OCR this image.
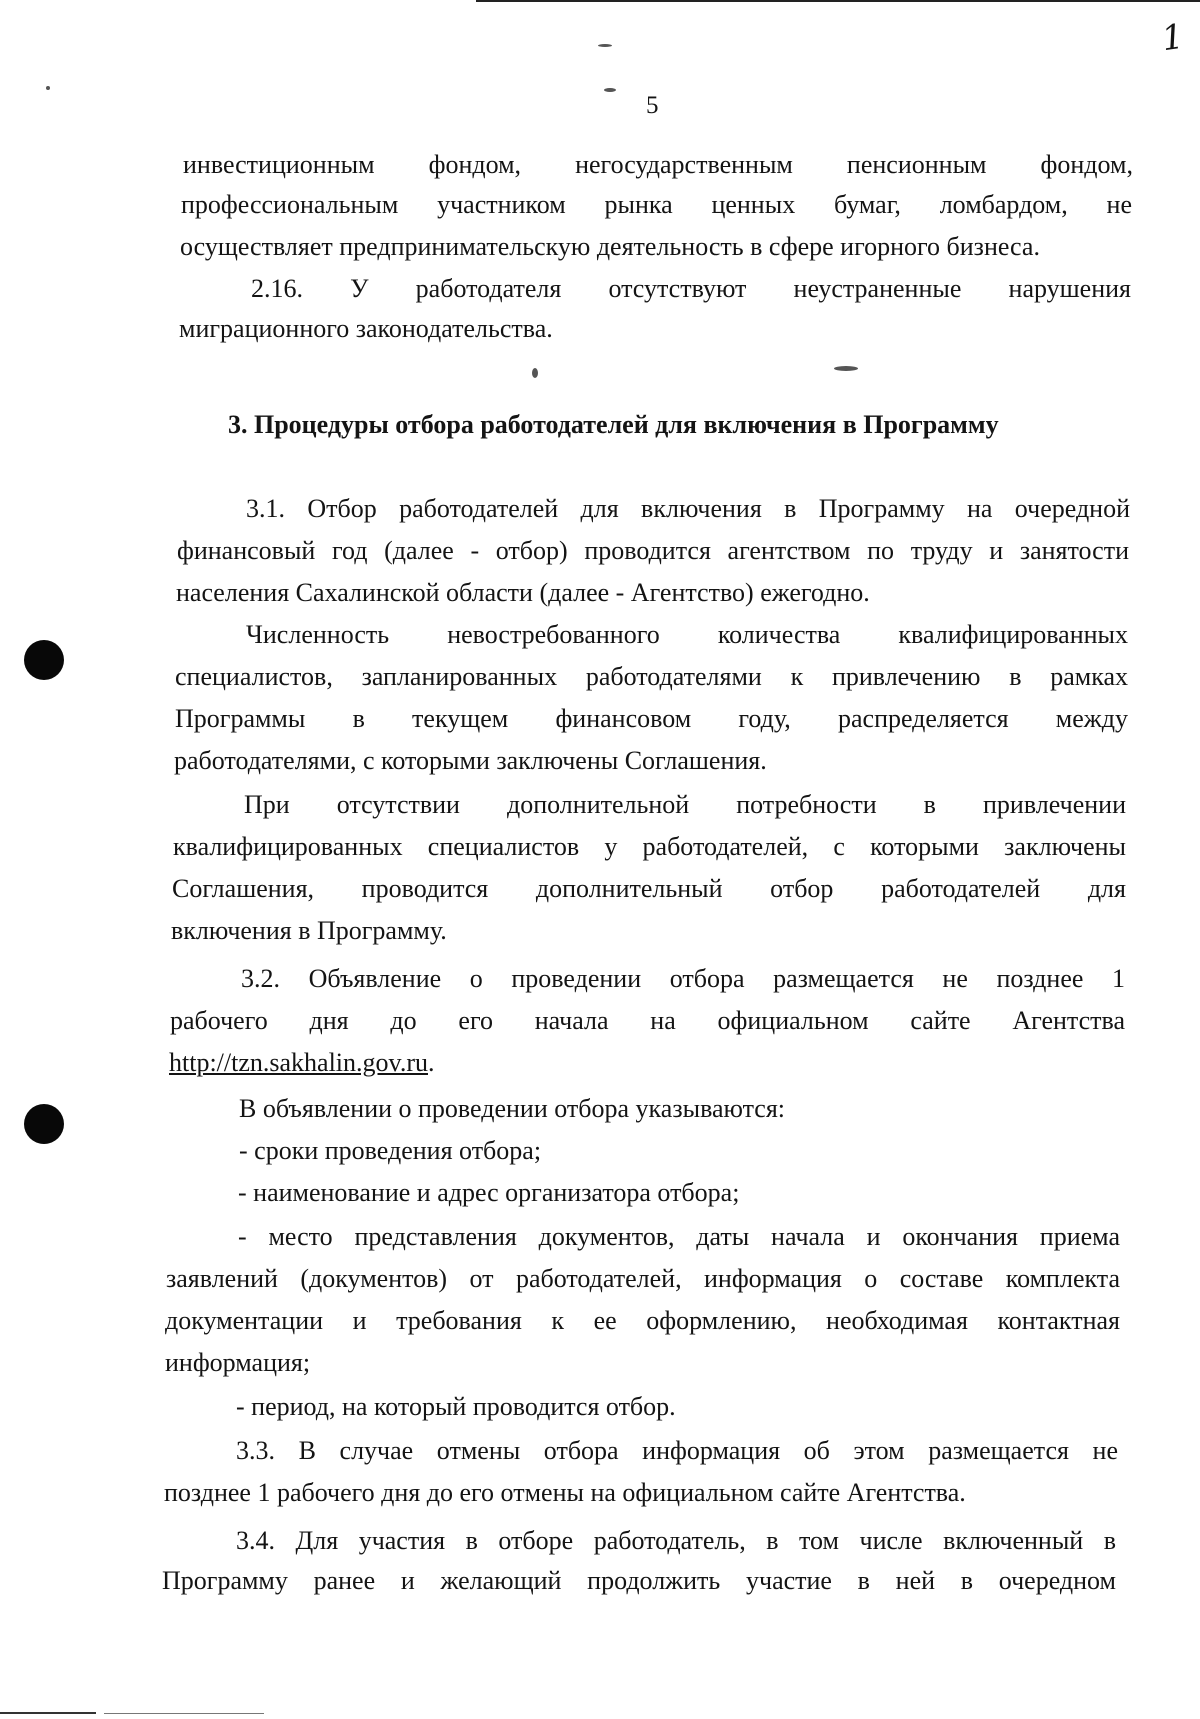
5
1
инвестиционным фондом, негосударственным пенсионным фондом,
профессиональным участником рынка ценных бумаг, ломбардом, не
осуществляет предпринимательскую деятельность в сфере игорного бизнеса.
2.16. У работодателя отсутствуют неустраненные нарушения
миграционного законодательства.
3. Процедуры отбора работодателей для включения в Программу
3.1. Отбор работодателей для включения в Программу на очередной
финансовый год (далее - отбор) проводится агентством по труду и занятости
населения Сахалинской области (далее - Агентство) ежегодно.
Численность невостребованного количества квалифицированных
специалистов, запланированных работодателями к привлечению в рамках
Программы в текущем финансовом году, распределяется между
работодателями, с которыми заключены Соглашения.
При отсутствии дополнительной потребности в привлечении
квалифицированных специалистов у работодателей, с которыми заключены
Соглашения, проводится дополнительный отбор работодателей для
включения в Программу.
3.2. Объявление о проведении отбора размещается не позднее 1
рабочего дня до его начала на официальном сайте Агентства
http://tzn.sakhalin.gov.ru.
В объявлении о проведении отбора указываются:
- сроки проведения отбора;
- наименование и адрес организатора отбора;
- место представления документов, даты начала и окончания приема
заявлений (документов) от работодателей, информация о составе комплекта
документации и требования к ее оформлению, необходимая контактная
информация;
- период, на который проводится отбор.
3.3. В случае отмены отбора информация об этом размещается не
позднее 1 рабочего дня до его отмены на официальном сайте Агентства.
3.4. Для участия в отборе работодатель, в том числе включенный в
Программу ранее и желающий продолжить участие в ней в очередном
